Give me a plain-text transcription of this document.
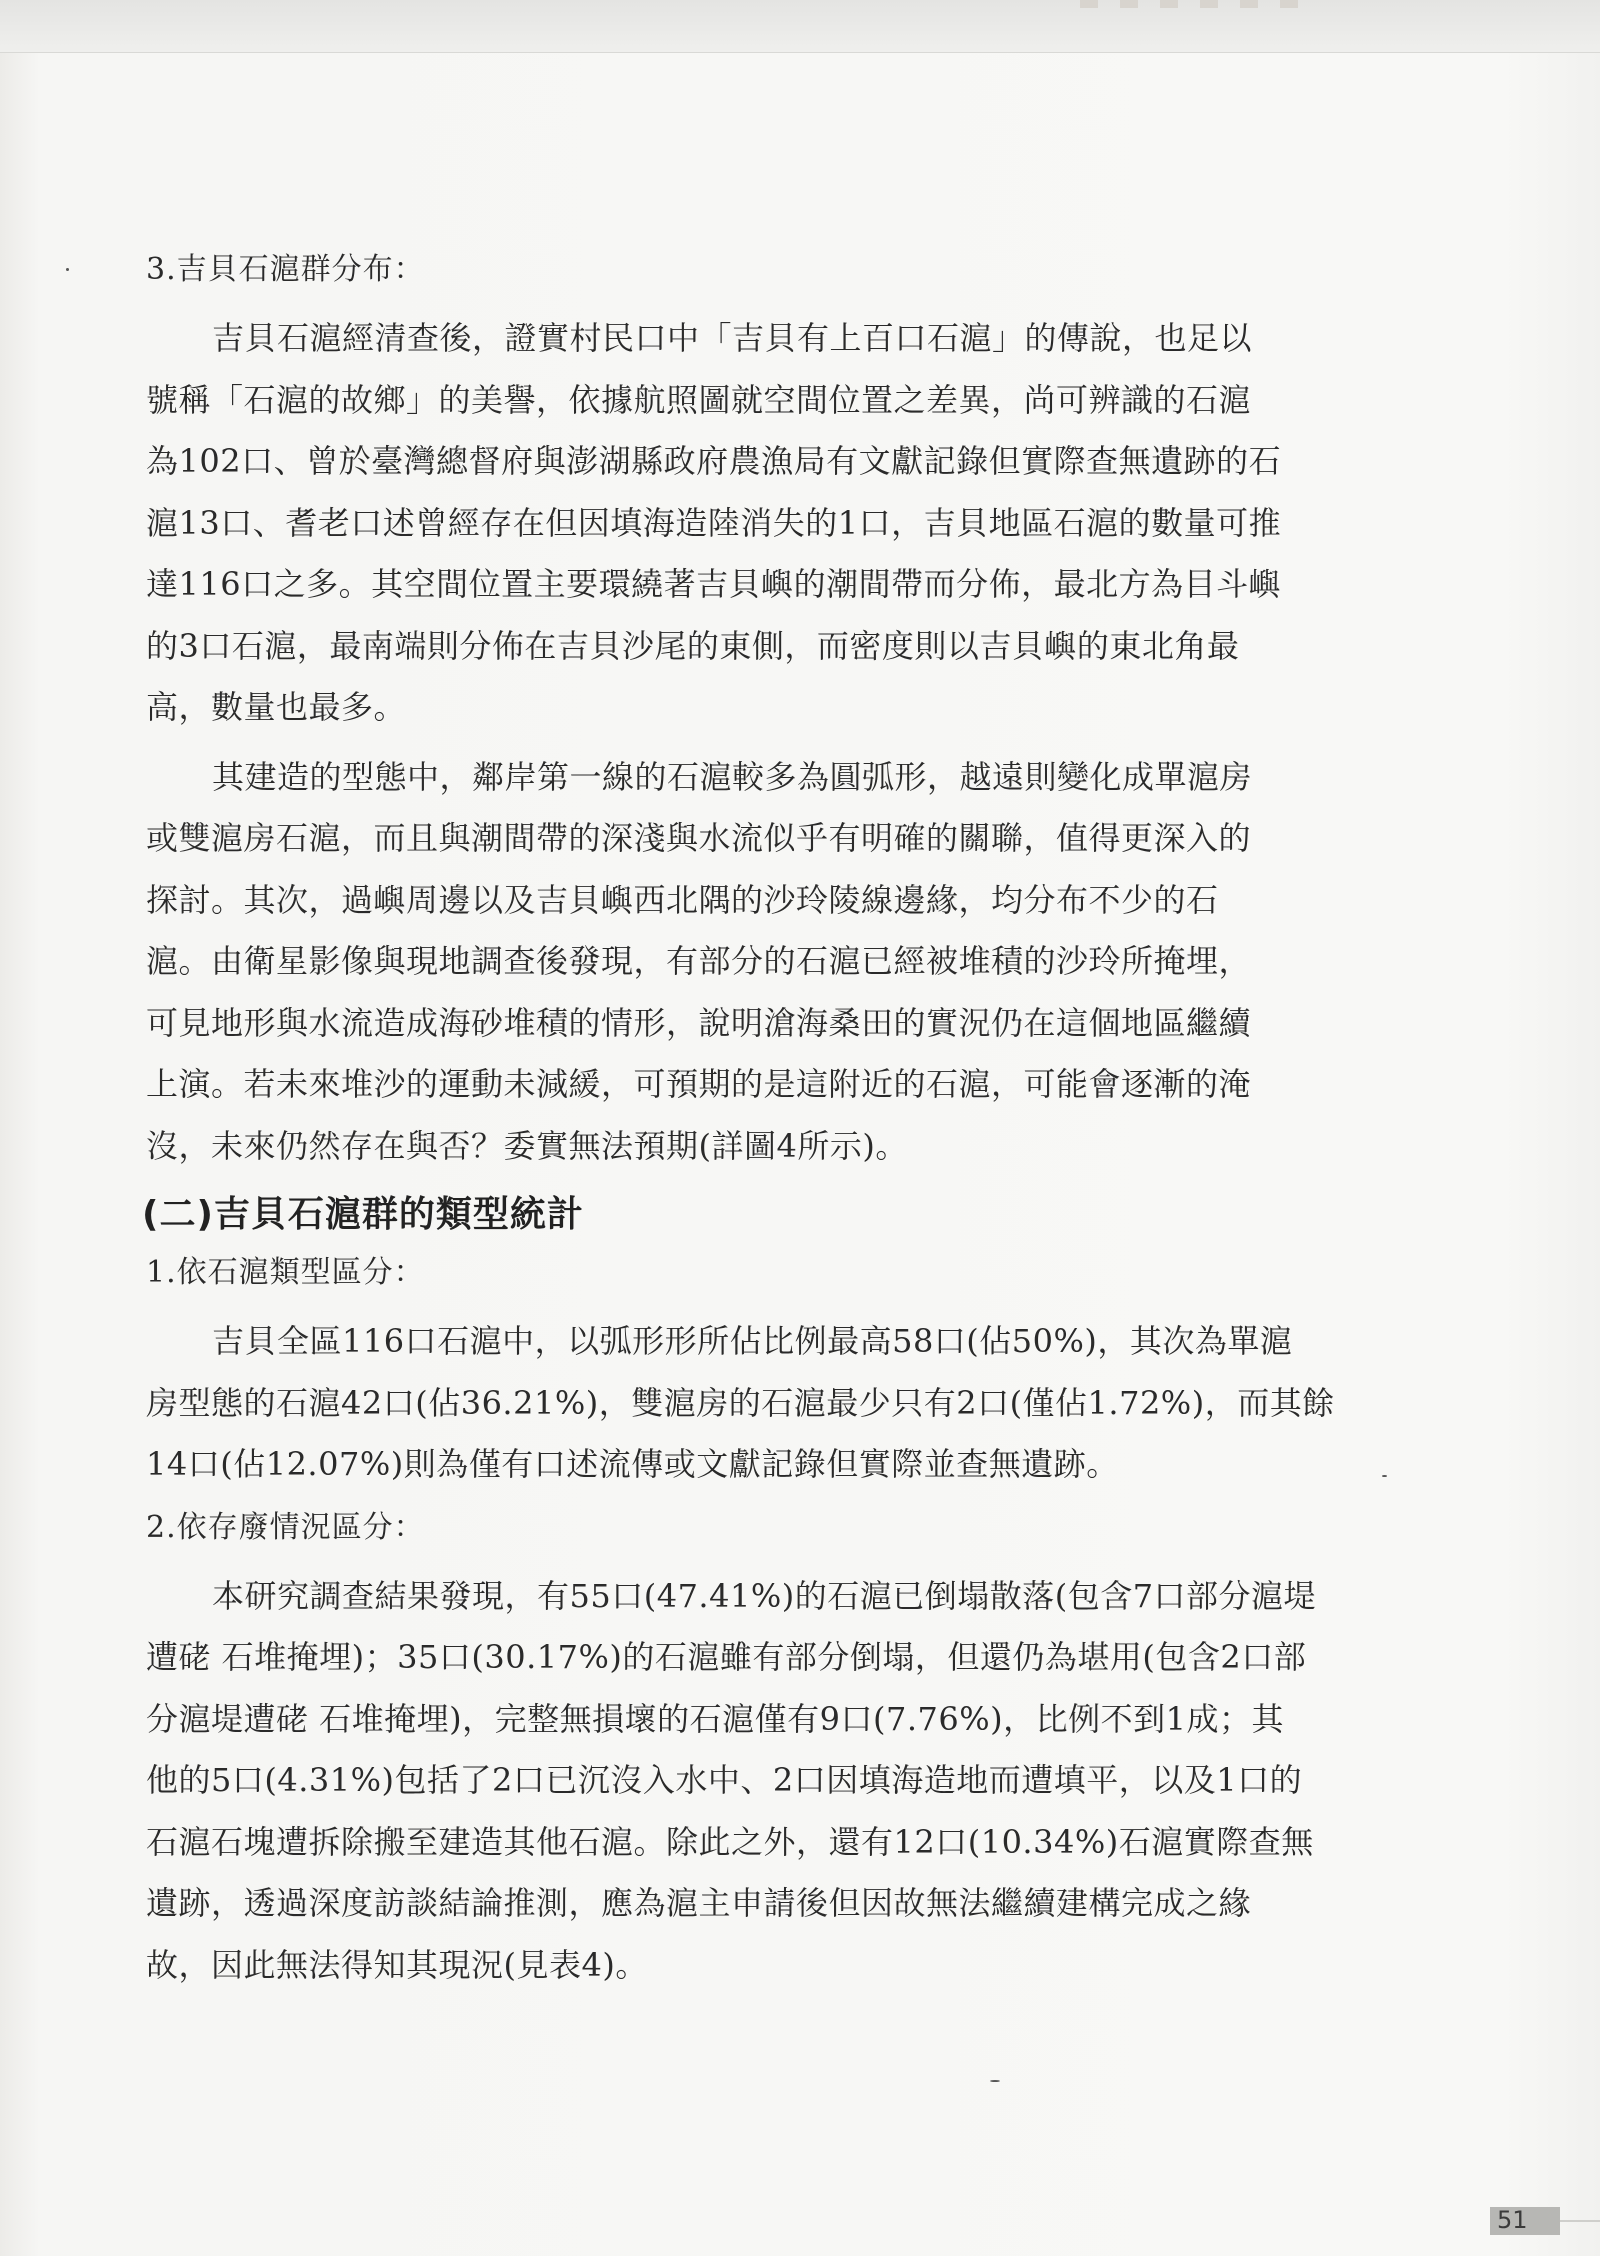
3.吉貝石滬群分布：

吉貝石滬經清查後，證實村民口中「吉貝有上百口石滬」的傳說，也足以

號稱「石滬的故鄉」的美譽，依據航照圖就空間位置之差異，尚可辨識的石滬

為102口、曾於臺灣總督府與澎湖縣政府農漁局有文獻記錄但實際查無遺跡的石

滬13口、耆老口述曾經存在但因填海造陸消失的1口，吉貝地區石滬的數量可推

達116口之多。其空間位置主要環繞著吉貝嶼的潮間帶而分佈，最北方為目斗嶼

的3口石滬，最南端則分佈在吉貝沙尾的東側，而密度則以吉貝嶼的東北角最

高，數量也最多。

其建造的型態中，鄰岸第一線的石滬較多為圓弧形，越遠則變化成單滬房

或雙滬房石滬，而且與潮間帶的深淺與水流似乎有明確的關聯，值得更深入的

探討。其次，過嶼周邊以及吉貝嶼西北隅的沙玲陵線邊緣，均分布不少的石

滬。由衛星影像與現地調查後發現，有部分的石滬已經被堆積的沙玲所掩埋，

可見地形與水流造成海砂堆積的情形，說明滄海桑田的實況仍在這個地區繼續

上演。若未來堆沙的運動未減緩，可預期的是這附近的石滬，可能會逐漸的淹

沒，未來仍然存在與否？委實無法預期(詳圖4所示)。

(二)吉貝石滬群的類型統計
1.依石滬類型區分：

吉貝全區116口石滬中，以弧形形所佔比例最高58口(佔50%)，其次為單滬

房型態的石滬42口(佔36.21%)，雙滬房的石滬最少只有2口(僅佔1.72%)，而其餘

14口(佔12.07%)則為僅有口述流傳或文獻記錄但實際並查無遺跡。

2.依存廢情況區分：

本研究調查結果發現，有55口(47.41%)的石滬已倒塌散落(包含7口部分滬堤

遭硓 石堆掩埋)；35口(30.17%)的石滬雖有部分倒塌，但還仍為堪用(包含2口部

分滬堤遭硓 石堆掩埋)，完整無損壞的石滬僅有9口(7.76%)，比例不到1成；其

他的5口(4.31%)包括了2口已沉沒入水中、2口因填海造地而遭填平，以及1口的

石滬石塊遭拆除搬至建造其他石滬。除此之外，還有12口(10.34%)石滬實際查無

遺跡，透過深度訪談結論推測，應為滬主申請後但因故無法繼續建構完成之緣

故，因此無法得知其現況(見表4)。

51
